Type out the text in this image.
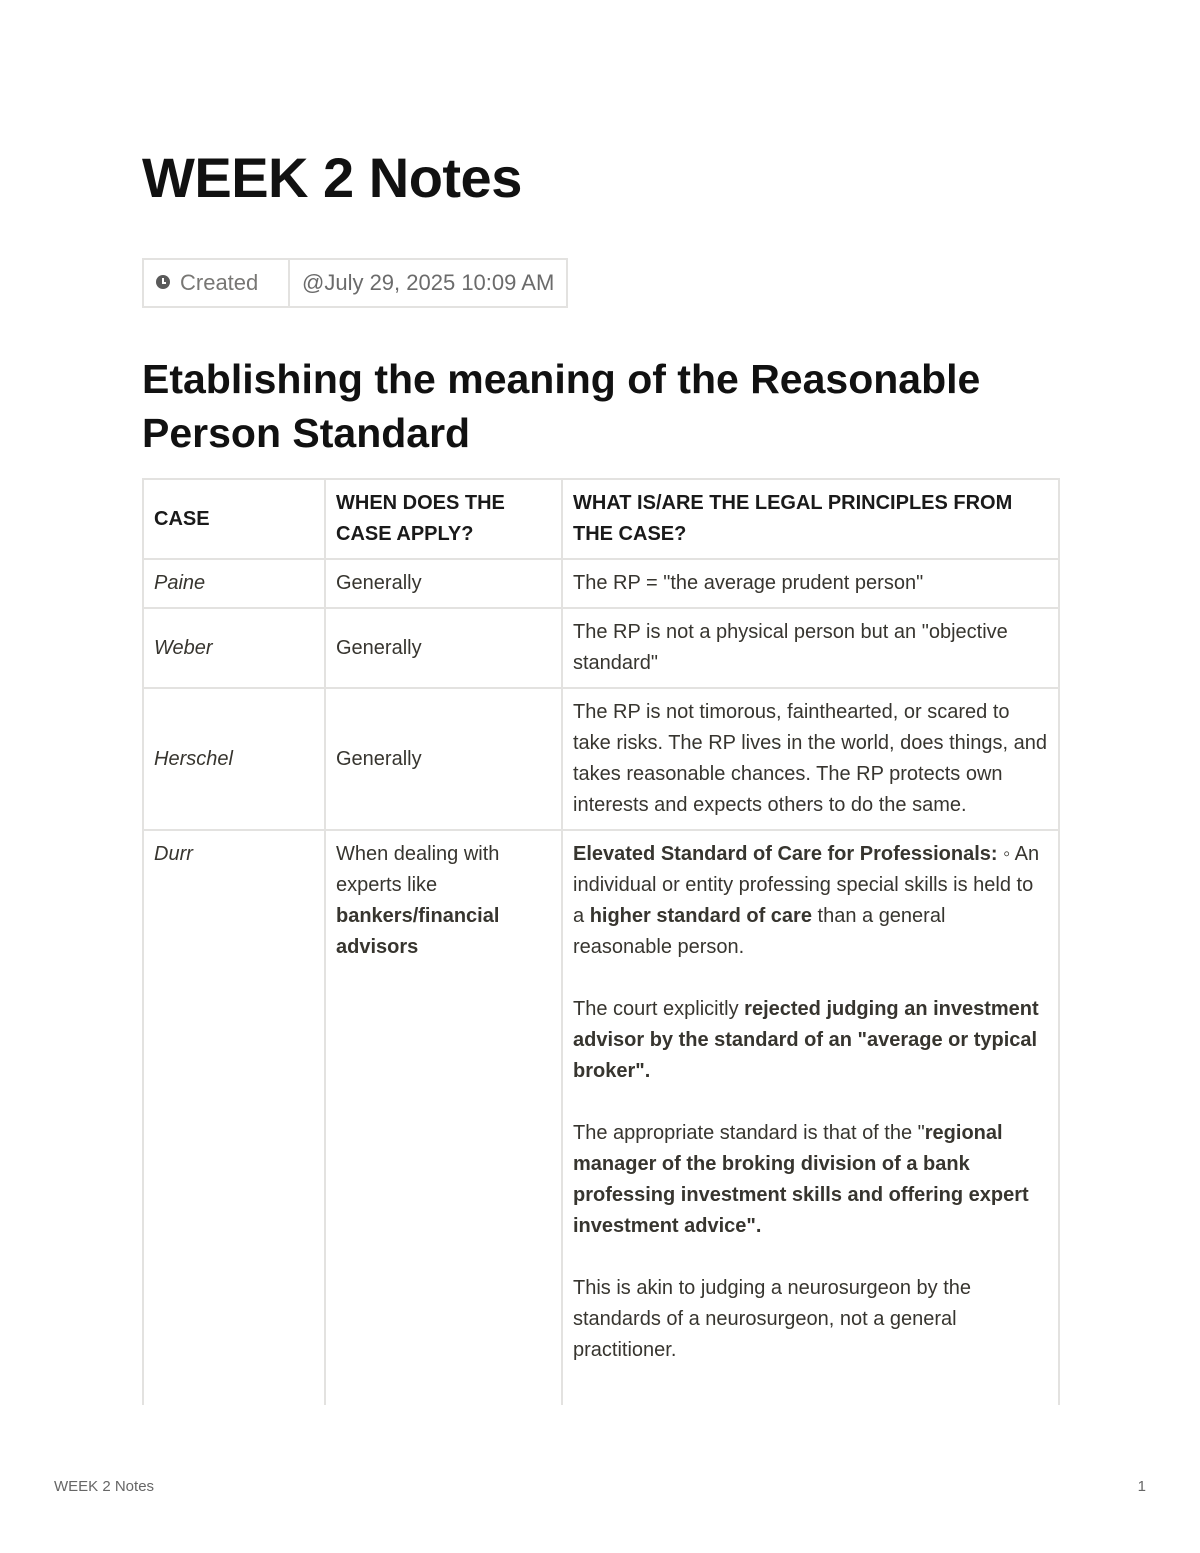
WEEK 2 Notes
Created	@July 29, 2025 10:09 AM
Etablishing the meaning of the Reasonable Person Standard
CASE	WHEN DOES THE CASE APPLY?	WHAT IS/ARE THE LEGAL PRINCIPLES FROM THE CASE?
Paine	Generally	The RP = "the average prudent person"
Weber	Generally	The RP is not a physical person but an "objective standard"
Herschel	Generally	The RP is not timorous, fainthearted, or scared to take risks. The RP lives in the world, does things, and takes reasonable chances. The RP protects own interests and expects others to do the same.
Durr	When dealing with experts like bankers/financial advisors	Elevated Standard of Care for Professionals: ◦ An individual or entity professing special skills is held to a higher standard of care than a general reasonable person.

The court explicitly rejected judging an investment advisor by the standard of an "average or typical broker".

The appropriate standard is that of the "regional manager of the broking division of a bank professing investment skills and offering expert investment advice".

This is akin to judging a neurosurgeon by the standards of a neurosurgeon, not a general practitioner.

WEEK 2 Notes	1
